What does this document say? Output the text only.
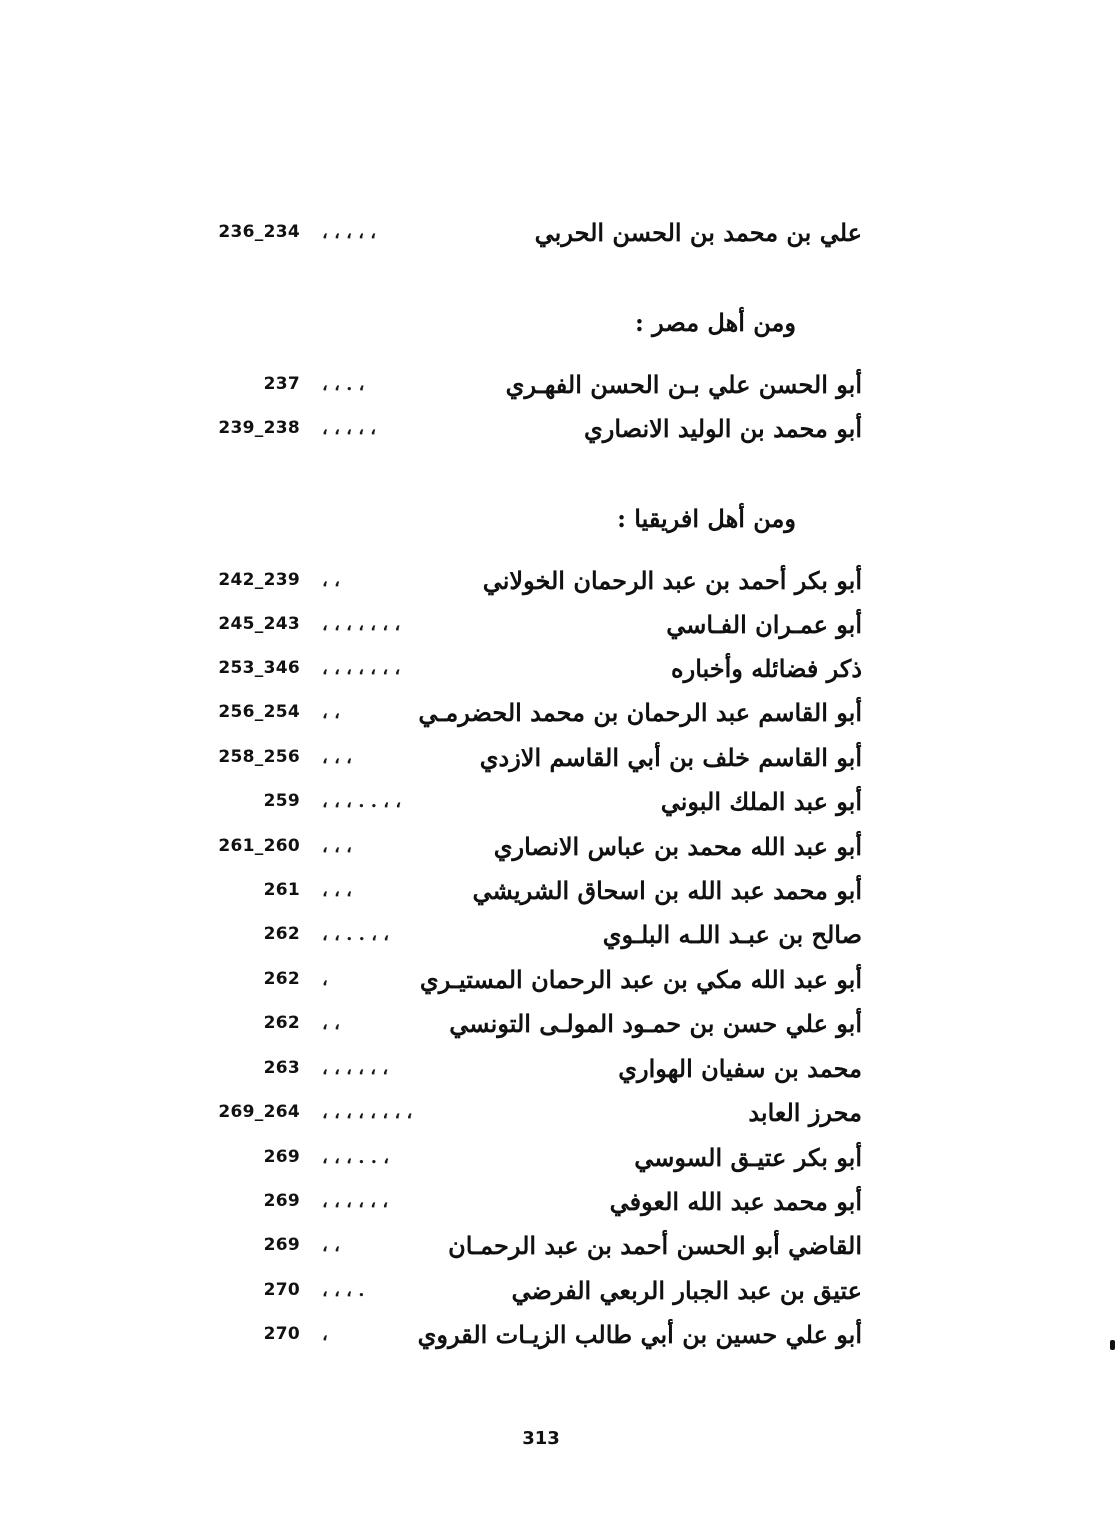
236_234	، ، ، ، ،	علي بن محمد بن الحسن الحربي
ومن أهل مصر :
237	، ، . ،	أبو الحسن علي بـن الحسن الفهـري
239_238	، ، ، ، ،	أبو محمد بن الوليد الانصاري
ومن أهل افريقيا :
242_239	، ،	أبو بكر أحمد بن عبد الرحمان الخولاني
245_243	، ، ، ، ، ، ،	أبو عمـران الفـاسي
253_346	، ، ، ، ، ، ،	ذكر فضائله وأخباره
256_254	، ،	أبو القاسم عبد الرحمان بن محمد الحضرمـي
258_256	، ، ،	أبو القاسم خلف بن أبي القاسم الازدي
259	، ، ، . . ، ،	أبو عبد الملك البوني
261_260	، ، ،	أبو عبد الله محمد بن عباس الانصاري
261	، ، ،	أبو محمد عبد الله بن اسحاق الشريشي
262	، ، . . ، ،	صالح بن عبـد اللـه البلـوي
262	،	أبو عبد الله مكي بن عبد الرحمان المستيـري
262	، ،	أبو علي حسن بن حمـود المولـى التونسي
263	، ، ، ، ، ،	محمد بن سفيان الهواري
269_264	، ، ، ، ، ، ، ،	محرز العابد
269	، ، ، . . ،	أبو بكر عتيـق السوسي
269	، ، ، ، ، ،	أبو محمد عبد الله العوفي
269	، ،	القاضي أبو الحسن أحمد بن عبد الرحمـان
270	، ، ، .	عتيق بن عبد الجبار الربعي الفرضي
270	،	أبو علي حسين بن أبي طالب الزيـات القروي
313
